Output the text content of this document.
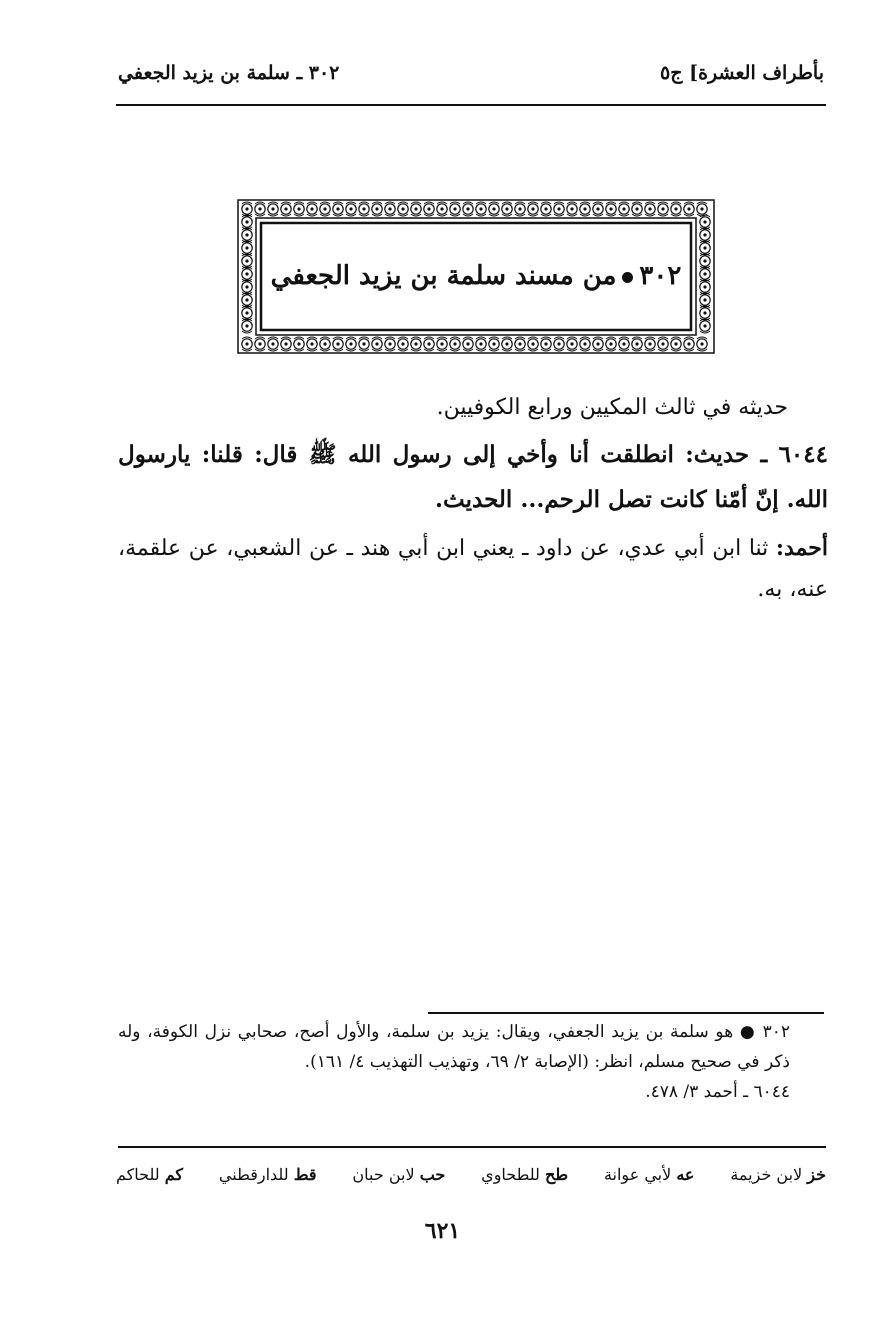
بأطراف العشرة] ج٥
٣٠٢ ـ سلمة بن يزيد الجعفي
٣٠٢من مسند سلمة بن يزيد الجعفي
حديثه في ثالث المكيين ورابع الكوفيين.
٦٠٤٤ ـ حديث: انطلقت أنا وأخي إلى رسول الله ﷺ قال: قلنا: يارسول الله. إنّ أمّنا كانت تصل الرحم... الحديث.
أحمد: ثنا ابن أبي عدي، عن داود ـ يعني ابن أبي هند ـ عن الشعبي، عن علقمة، عنه، به.
٣٠٢ ● هو سلمة بن يزيد الجعفي، ويقال: يزيد بن سلمة، والأول أصح، صحابي نزل الكوفة، وله ذكر في صحيح مسلم، انظر: (الإصابة ٢/ ٦٩، وتهذيب التهذيب ٤/ ١٦١).
٦٠٤٤ ـ أحمد ٣/ ٤٧٨.
خز لابن خزيمة
عه لأبي عوانة
طح للطحاوي
حب لابن حبان
قط للدارقطني
كم للحاكم
٦٢١
